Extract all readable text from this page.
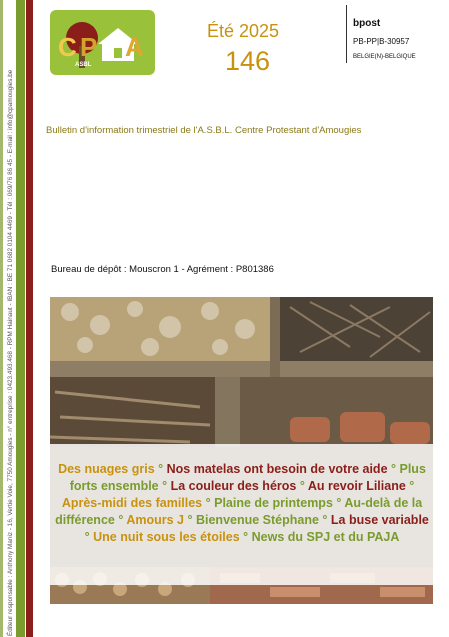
Éditeur responsable : Anthony Maniz - 16, Vertie Voie, 7750 Amougies - n° entreprise : 0423.493.468 - RPM Hainaut - IBAN : BE 71 0682 0104 4469 - Tél : 069/76 86 45 - E-mail : info@cpamougies.be
C P A
ASBL
Été 2025
146
bpost
PB-PP|B-30957
BELGIE(N)-BELGIQUE
Bulletin d'information trimestriel de l'A.S.B.L. Centre Protestant d'Amougies
Bureau de dépôt : Mouscron 1 - Agrément : P801386
Des nuages gris ° Nos matelas ont besoin de votre aide ° Plus forts ensemble ° La couleur des héros ° Au revoir Liliane ° Après-midi des familles ° Plaine de printemps ° Au-delà de la différence ° Amours J ° Bienvenue Stéphane ° La buse variable ° Une nuit sous les étoiles ° News du SPJ et du PAJA
